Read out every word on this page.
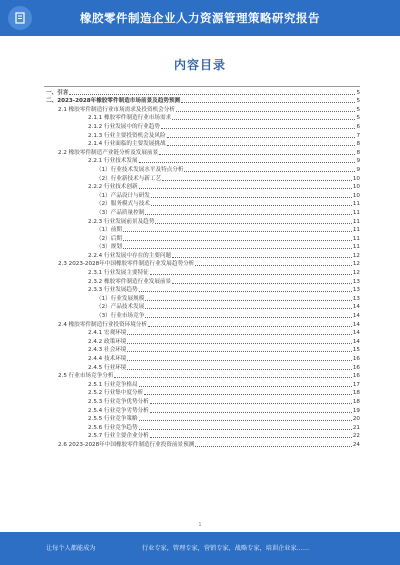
橡胶零件制造企业人力资源管理策略研究报告
内容目录
一、引言	5
二、2023-2028年橡胶零件制造市场前景及趋势预测	5
2.1 橡胶零件制造行业市场需求及投资机会分析	5
2.1.1 橡胶零件制造行业市场需求	5
2.1.2 行业发展中的行业趋势	6
2.1.3 行业主要投资机会及风险	7
2.1.4 行业面临的主要发展挑战	8
2.2 橡胶零件制造产业链分析及发展前景	8
2.2.1 行业技术发展	9
（1）行业技术发展水平及特点分析	9
（2）行业新技术与新工艺	10
2.2.2 行业技术创新	10
（1）产品设计与研发	10
（2）服务模式与技术	11
（3）产品质量控制	11
2.2.3 行业发展前景及趋势	11
（1）前期	11
（2）后期	11
（3）规划	11
2.2.4 行业发展中存在的主要问题	12
2.3 2023-2028年中国橡胶零件制造行业发展趋势分析	12
2.3.1 行业发展主要特征	12
2.3.2 橡胶零件制造行业发展前景	13
2.3.3 行业发展趋势	13
（1）行业发展规模	13
（2）产品技术发展	14
（3）行业市场竞争	14
2.4 橡胶零件制造行业投资环境分析	14
2.4.1 宏观环境	14
2.4.2 政策环境	14
2.4.3 社会环境	15
2.4.4 技术环境	16
2.4.5 行业环境	16
2.5 行业市场竞争分析	16
2.5.1 行业竞争格局	17
2.5.2 行业集中度分析	18
2.5.3 行业竞争优势分析	18
2.5.4 行业竞争劣势分析	19
2.5.5 行业竞争策略	20
2.5.6 行业竞争趋势	21
2.5.7 行业主要企业分析	22
2.6 2023-2028年中国橡胶零件制造行业投资前景预测	24
1
让每个人都能成为	行业专家，管理专家，营销专家，战略专家，培训企业家……
